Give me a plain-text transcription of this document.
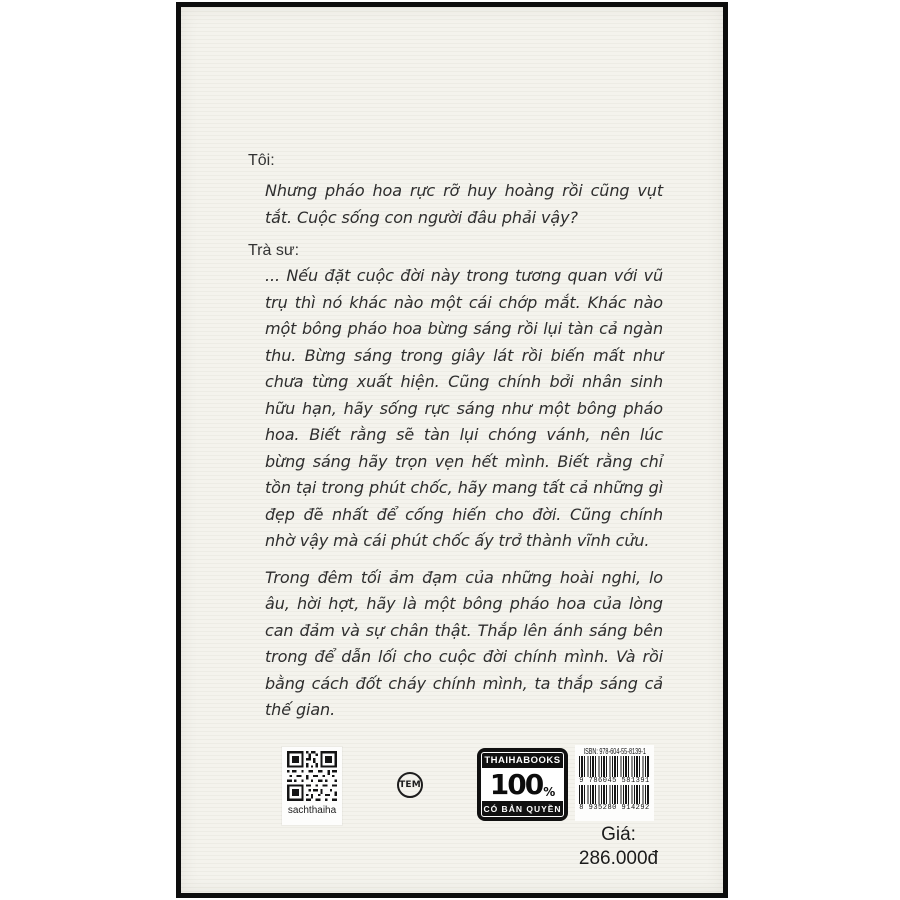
Tôi:

Nhưng pháo hoa rực rỡ huy hoàng rồi cũng vụt tắt. Cuộc sống con người đâu phải vậy?

Trà sư:

... Nếu đặt cuộc đời này trong tương quan với vũ trụ thì nó khác nào một cái chớp mắt. Khác nào một bông pháo hoa bừng sáng rồi lụi tàn cả ngàn thu. Bừng sáng trong giây lát rồi biến mất như chưa từng xuất hiện. Cũng chính bởi nhân sinh hữu hạn, hãy sống rực sáng như một bông pháo hoa. Biết rằng sẽ tàn lụi chóng vánh, nên lúc bừng sáng hãy trọn vẹn hết mình. Biết rằng chỉ tồn tại trong phút chốc, hãy mang tất cả những gì đẹp đẽ nhất để cống hiến cho đời. Cũng chính nhờ vậy mà cái phút chốc ấy trở thành vĩnh cửu.

Trong đêm tối ảm đạm của những hoài nghi, lo âu, hời hợt, hãy là một bông pháo hoa của lòng can đảm và sự chân thật. Thắp lên ánh sáng bên trong để dẫn lối cho cuộc đời chính mình. Và rồi bằng cách đốt cháy chính mình, ta thắp sáng cả thế gian.

sachthaiha
TEM
THAIHABOOKS
100 %
CÓ BẢN QUYỀN
ISBN: 978-604-55-8139-1
9 786045 581391
8 935280 914292
Giá: 286.000đ
